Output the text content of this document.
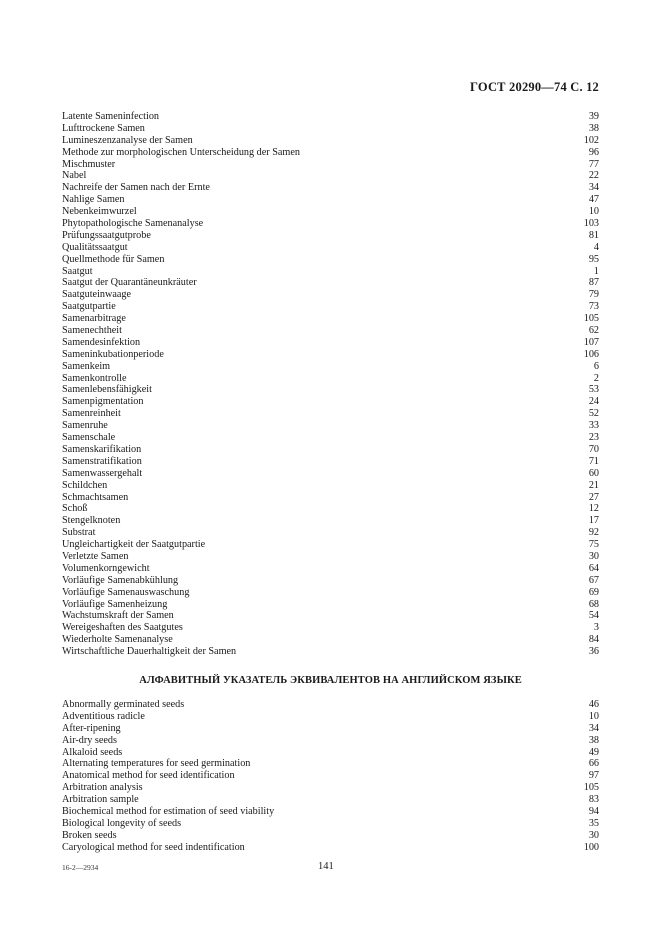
ГОСТ 20290—74 С. 12
Latente Sameninfection	39
Lufttrockene Samen	38
Lumineszenzanalyse der Samen	102
Methode zur morphologischen Unterscheidung der Samen	96
Mischmuster	77
Nabel	22
Nachreife der Samen nach der Ernte	34
Nahlige Samen	47
Nebenkeimwurzel	10
Phytopathologische Samenanalyse	103
Prüfungssaatgutprobe	81
Qualitätssaatgut	4
Quellmethode für Samen	95
Saatgut	1
Saatgut der Quarantäneunkräuter	87
Saatguteinwaage	79
Saatgutpartie	73
Samenarbitrage	105
Samenechtheit	62
Samendesinfektion	107
Sameninkubationperiode	106
Samenkeim	6
Samenkontrolle	2
Samenlebensfähigkeit	53
Samenpigmentation	24
Samenreinheit	52
Samenruhe	33
Samenschale	23
Samenskarifikation	70
Samenstratifikation	71
Samenwassergehalt	60
Schildchen	21
Schmachtsamen	27
Schoß	12
Stengelknoten	17
Substrat	92
Ungleichartigkeit der Saatgutpartie	75
Verletzte Samen	30
Volumenkorngewicht	64
Vorläufige Samenabkühlung	67
Vorläufige Samenauswaschung	69
Vorläufige Samenheizung	68
Wachstumskraft der Samen	54
Wereigeshaften des Saatgutes	3
Wiederholte Samenanalyse	84
Wirtschaftliche Dauerhaltigkeit der Samen	36
АЛФАВИТНЫЙ УКАЗАТЕЛЬ ЭКВИВАЛЕНТОВ НА АНГЛИЙСКОМ ЯЗЫКЕ
Abnormally germinated seeds	46
Adventitious radicle	10
After-ripening	34
Air-dry seeds	38
Alkaloid seeds	49
Alternating temperatures for seed germination	66
Anatomical method for seed identification	97
Arbitration analysis	105
Arbitration sample	83
Biochemical method for estimation of seed viability	94
Biological longevity of seeds	35
Broken seeds	30
Caryological method for seed indentification	100
16-2—2934	141
